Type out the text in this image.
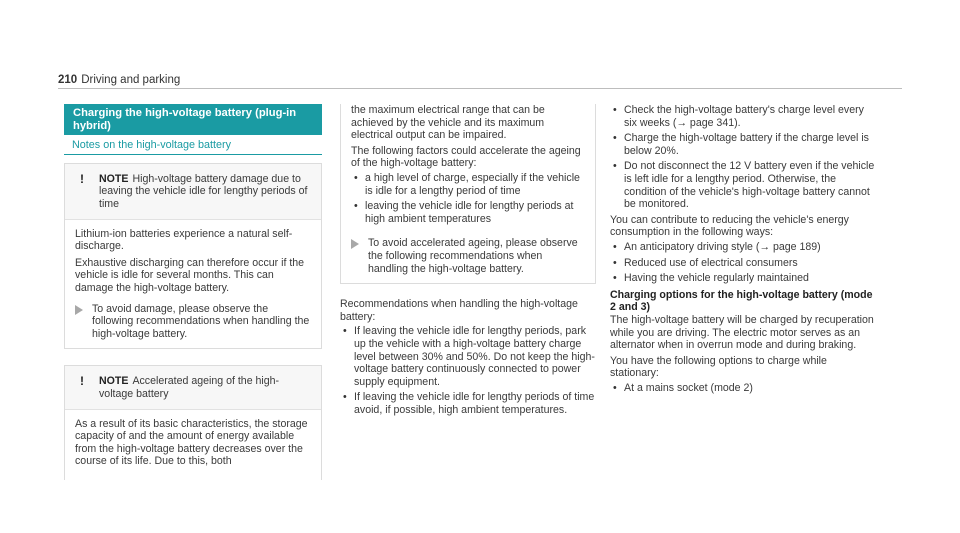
210 Driving and parking
Charging the high-voltage battery (plug-in hybrid)
Notes on the high-voltage battery
!	NOTE High-voltage battery damage due to leaving the vehicle idle for lengthy periods of time

Lithium-ion batteries experience a natural self-discharge.

Exhaustive discharging can therefore occur if the vehicle is idle for several months. This can damage the high-voltage battery.

To avoid damage, please observe the following recommendations when handling the high-voltage battery.
!	NOTE Accelerated ageing of the high-voltage battery

As a result of its basic characteristics, the storage capacity of and the amount of energy available from the high-voltage battery decreases over the course of its life. Due to this, both

the maximum electrical range that can be achieved by the vehicle and its maximum electrical output can be impaired.

The following factors could accelerate the ageing of the high-voltage battery:

• a high level of charge, especially if the vehicle is idle for a lengthy period of time
• leaving the vehicle idle for lengthy periods at high ambient temperatures
To avoid accelerated ageing, please observe the following recommendations when handling the high-voltage battery.

Recommendations when handling the high-voltage battery:

• If leaving the vehicle idle for lengthy periods, park up the vehicle with a high-voltage battery charge level between 30% and 50%. Do not keep the high-voltage battery continuously connected to power supply equipment.
• If leaving the vehicle idle for lengthy periods of time avoid, if possible, high ambient temperatures.
• Check the high-voltage battery's charge level every six weeks (→ page 341).
• Charge the high-voltage battery if the charge level is below 20%.
• Do not disconnect the 12 V battery even if the vehicle is left idle for a lengthy period. Otherwise, the condition of the vehicle's high-voltage battery cannot be monitored.

You can contribute to reducing the vehicle's energy consumption in the following ways:

• An anticipatory driving style (→ page 189)
• Reduced use of electrical consumers
• Having the vehicle regularly maintained

Charging options for the high-voltage battery (mode 2 and 3)

The high-voltage battery will be charged by recuperation while you are driving. The electric motor serves as an alternator when in overrun mode and during braking.

You have the following options to charge while stationary:

• At a mains socket (mode 2)
